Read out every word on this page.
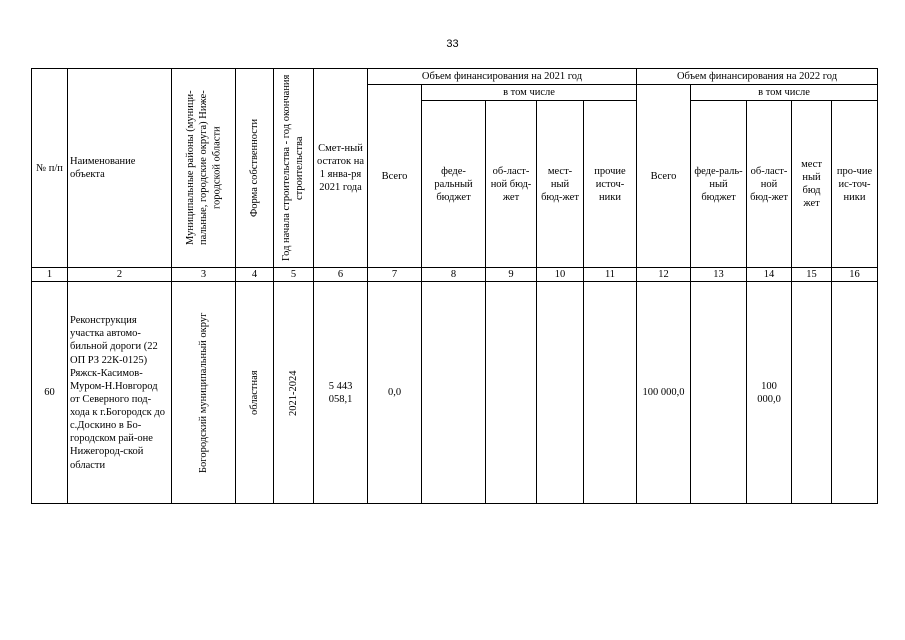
33
№ п/п	Наименование объекта	Муниципальные районы (муници-пальные, городские округа) Ниже-городской области	Форма собственности	Год начала строительства - год окончания строительства	Смет-ный остаток на 1 янва-ря 2021 года	Объем финансирования на 2021 год					Объем финансирования на 2022 год				
						Всего	в том числе				Всего	в том числе			
							феде-ральный бюджет	об-ласт-ной бюд-жет	мест-ный бюд-жет	прочие источ-ники		феде-раль-ный бюджет	об-ласт-ной бюд-жет	мест ный бюд жет	про-чие ис-точ-ники
1	2	3	4	5	6	7	8	9	10	11	12	13	14	15	16
60	Реконструкция участка автомо-бильной дороги (22 ОП РЗ 22К-0125) Ряжск-Касимов-Муром-Н.Новгород от Северного под-хода к г.Богородск до с.Доскино в Бо-городском рай-оне Нижегород-ской области	Богородский муниципальный округ	областная	2021-2024	5 443 058,1	0,0					100 000,0		100 000,0		
